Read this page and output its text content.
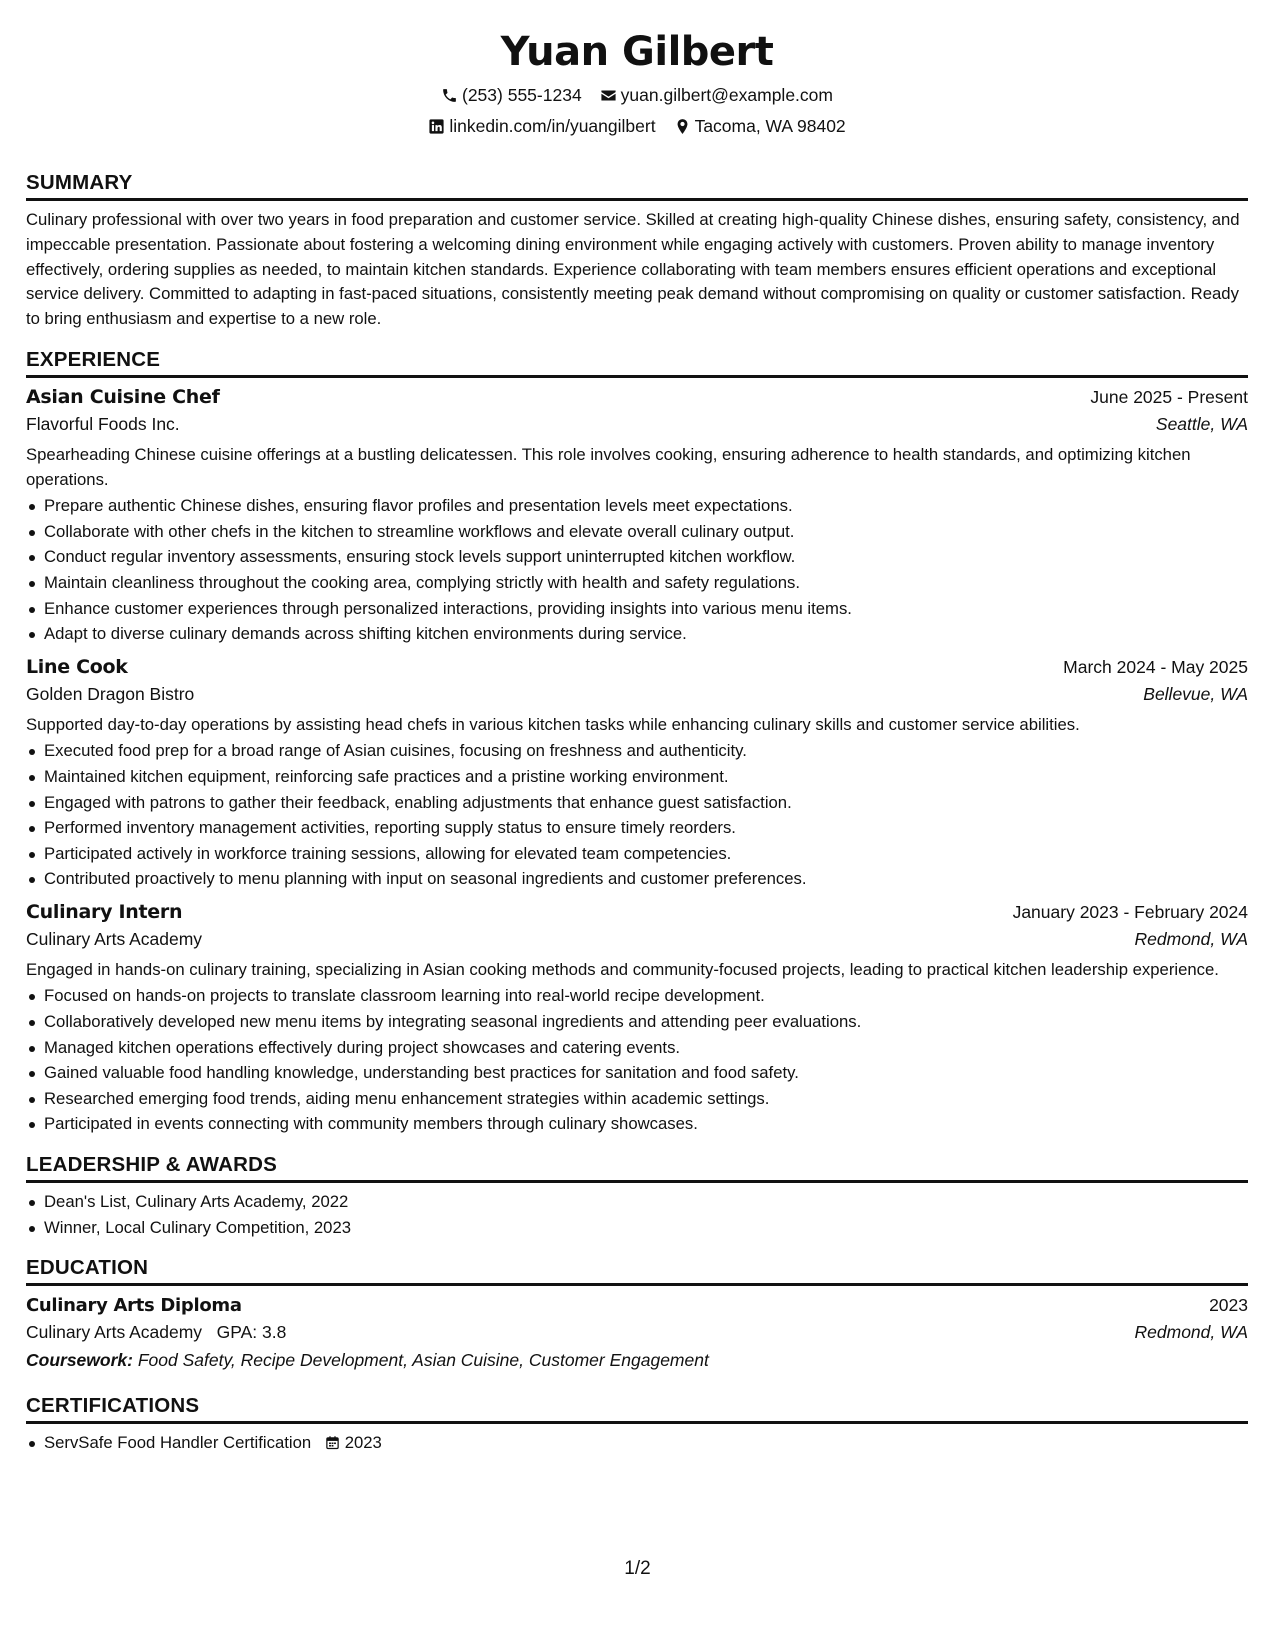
Yuan Gilbert
(253) 555-1234 yuan.gilbert@example.com
linkedin.com/in/yuangilbert Tacoma, WA 98402
SUMMARY
Culinary professional with over two years in food preparation and customer service. Skilled at creating high-quality Chinese dishes, ensuring safety, consistency, and impeccable presentation. Passionate about fostering a welcoming dining environment while engaging actively with customers. Proven ability to manage inventory effectively, ordering supplies as needed, to maintain kitchen standards. Experience collaborating with team members ensures efficient operations and exceptional service delivery. Committed to adapting in fast-paced situations, consistently meeting peak demand without compromising on quality or customer satisfaction. Ready to bring enthusiasm and expertise to a new role.
EXPERIENCE
Asian Cuisine Chef	June 2025 - Present
Flavorful Foods Inc.	Seattle, WA
Spearheading Chinese cuisine offerings at a bustling delicatessen. This role involves cooking, ensuring adherence to health standards, and optimizing kitchen operations.
Prepare authentic Chinese dishes, ensuring flavor profiles and presentation levels meet expectations.
Collaborate with other chefs in the kitchen to streamline workflows and elevate overall culinary output.
Conduct regular inventory assessments, ensuring stock levels support uninterrupted kitchen workflow.
Maintain cleanliness throughout the cooking area, complying strictly with health and safety regulations.
Enhance customer experiences through personalized interactions, providing insights into various menu items.
Adapt to diverse culinary demands across shifting kitchen environments during service.
Line Cook	March 2024 - May 2025
Golden Dragon Bistro	Bellevue, WA
Supported day-to-day operations by assisting head chefs in various kitchen tasks while enhancing culinary skills and customer service abilities.
Executed food prep for a broad range of Asian cuisines, focusing on freshness and authenticity.
Maintained kitchen equipment, reinforcing safe practices and a pristine working environment.
Engaged with patrons to gather their feedback, enabling adjustments that enhance guest satisfaction.
Performed inventory management activities, reporting supply status to ensure timely reorders.
Participated actively in workforce training sessions, allowing for elevated team competencies.
Contributed proactively to menu planning with input on seasonal ingredients and customer preferences.
Culinary Intern	January 2023 - February 2024
Culinary Arts Academy	Redmond, WA
Engaged in hands-on culinary training, specializing in Asian cooking methods and community-focused projects, leading to practical kitchen leadership experience.
Focused on hands-on projects to translate classroom learning into real-world recipe development.
Collaboratively developed new menu items by integrating seasonal ingredients and attending peer evaluations.
Managed kitchen operations effectively during project showcases and catering events.
Gained valuable food handling knowledge, understanding best practices for sanitation and food safety.
Researched emerging food trends, aiding menu enhancement strategies within academic settings.
Participated in events connecting with community members through culinary showcases.
LEADERSHIP & AWARDS
Dean's List, Culinary Arts Academy, 2022
Winner, Local Culinary Competition, 2023
EDUCATION
Culinary Arts Diploma	2023
Culinary Arts Academy GPA: 3.8	Redmond, WA
Coursework: Food Safety, Recipe Development, Asian Cuisine, Customer Engagement
CERTIFICATIONS
ServSafe Food Handler Certification 2023
1/2
